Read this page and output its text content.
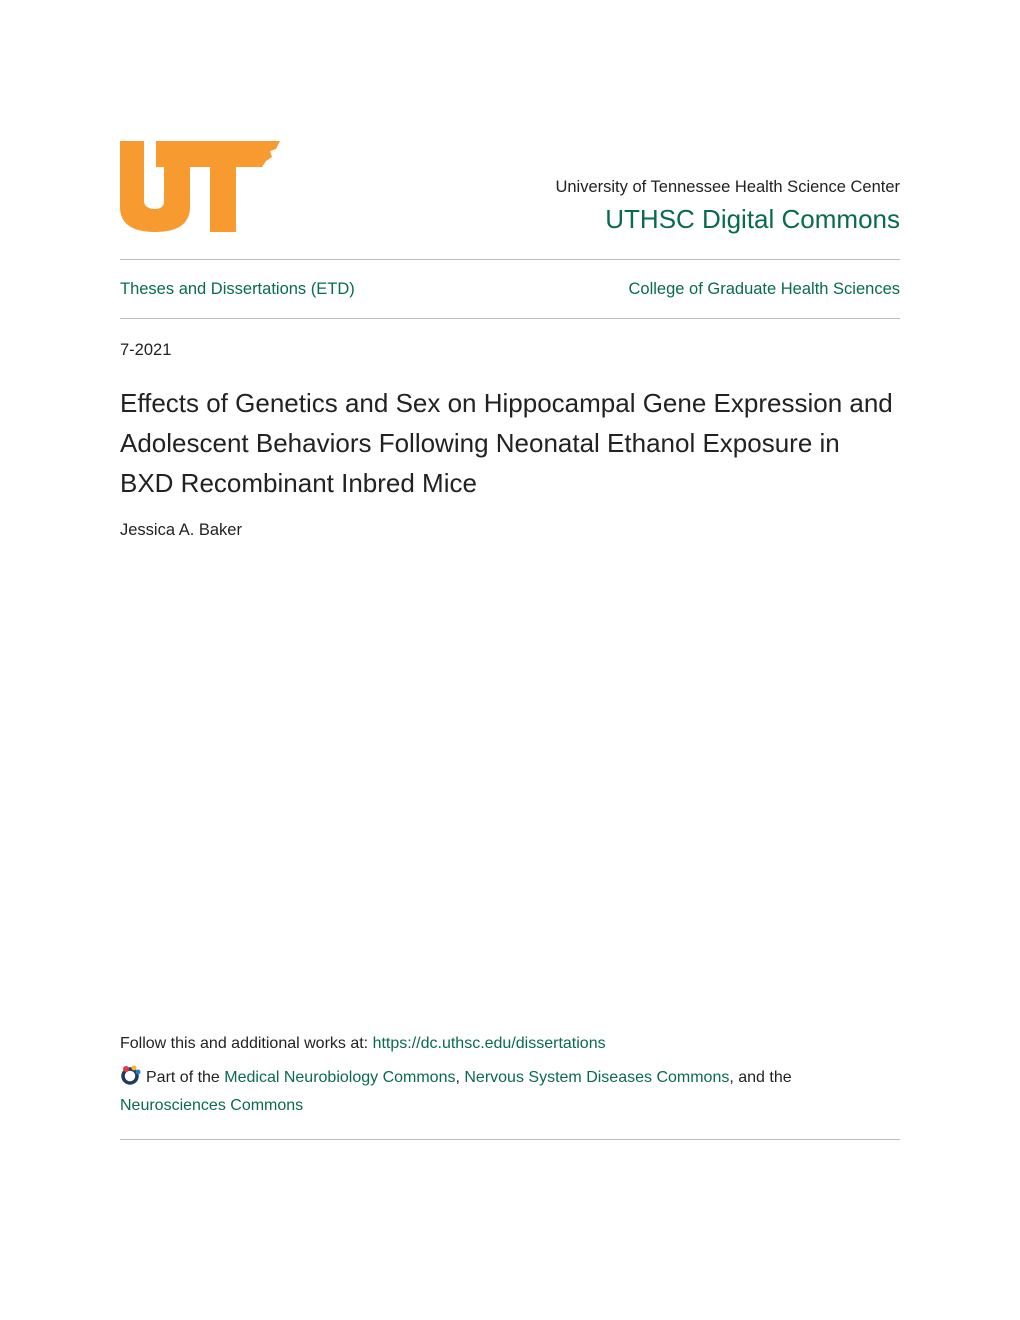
University of Tennessee Health Science Center
UTHSC Digital Commons
Theses and Dissertations (ETD)	College of Graduate Health Sciences
7-2021
Effects of Genetics and Sex on Hippocampal Gene Expression and Adolescent Behaviors Following Neonatal Ethanol Exposure in BXD Recombinant Inbred Mice
Jessica A. Baker
Follow this and additional works at: https://dc.uthsc.edu/dissertations
Part of the Medical Neurobiology Commons, Nervous System Diseases Commons, and the
Neurosciences Commons
